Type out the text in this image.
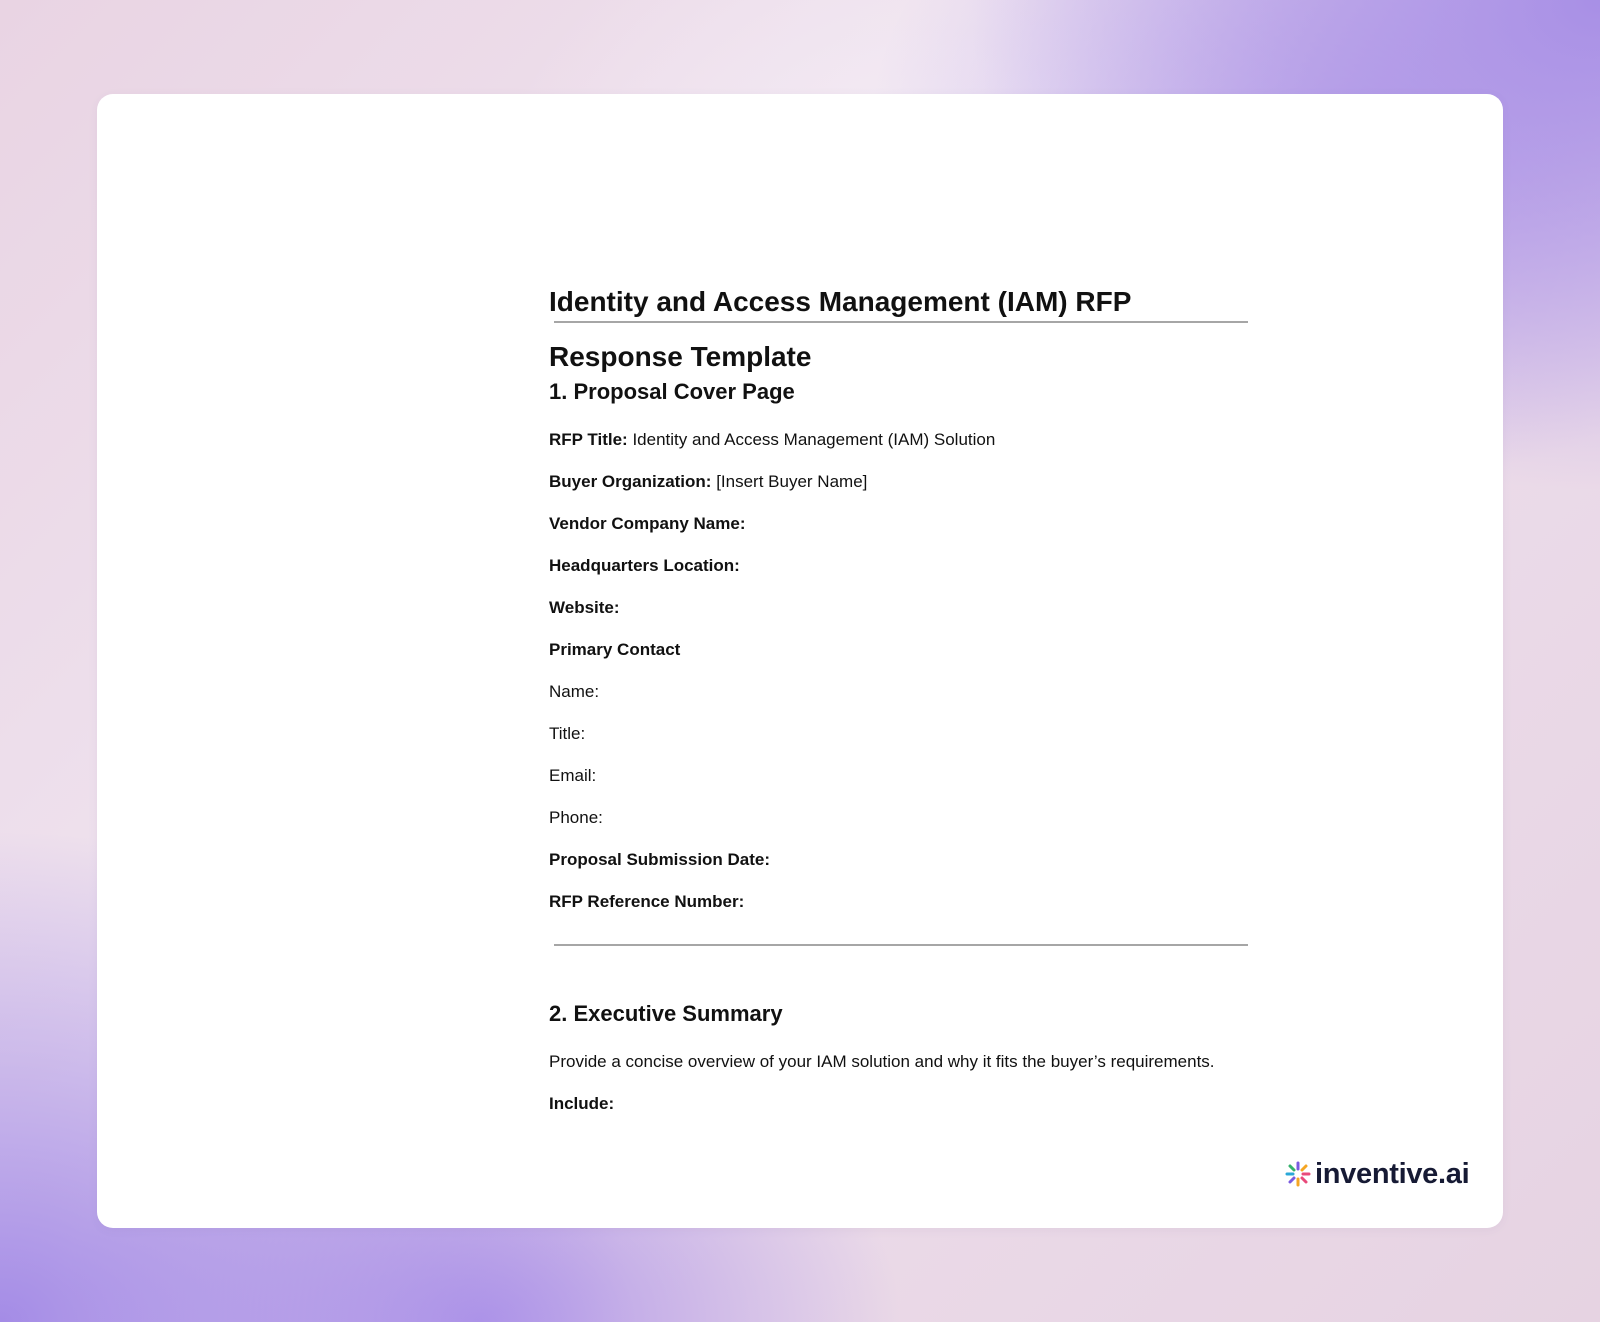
Identity and Access Management (IAM) RFP Response Template
1. Proposal Cover Page
RFP Title: Identity and Access Management (IAM) Solution
Buyer Organization: [Insert Buyer Name]
Vendor Company Name:
Headquarters Location:
Website:
Primary Contact
Name:
Title:
Email:
Phone:
Proposal Submission Date:
RFP Reference Number:
2. Executive Summary
Provide a concise overview of your IAM solution and why it fits the buyer’s requirements.
Include:
inventive.ai
